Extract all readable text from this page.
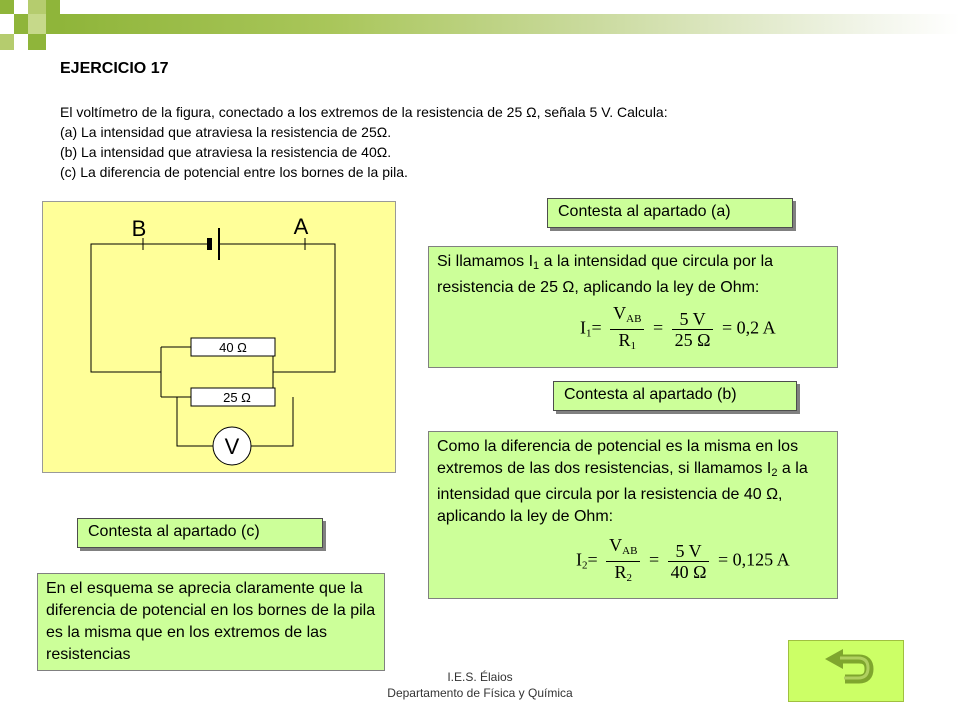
EJERCICIO 17
El voltímetro de la figura, conectado a los extremos de la resistencia de 25 Ω, señala 5 V. Calcula:
(a) La intensidad que atraviesa la resistencia de 25Ω.
(b) La intensidad que atraviesa la resistencia de 40Ω.
(c) La diferencia de potencial entre los bornes de la pila.
40 Ω
25 Ω
V
B	A
Contesta al apartado (a)
Si llamamos $I_1$ a la intensidad que circula por la resistencia de 25 Ω, aplicando la ley de Ohm:
$I_1= \frac{V_{AB}}{R_1} = \frac{5 V}{25 \Omega} = 0,2$ A
Contesta al apartado (b)
Como la diferencia de potencial es la misma en los extremos de las dos resistencias, si llamamos $I_2$ a la intensidad que circula por la resistencia de 40 Ω, aplicando la ley de Ohm:
$I_2= \frac{V_{AB}}{R_2} = \frac{5 V}{40 \Omega} = 0,125$ A
Contesta al apartado (c)
En el esquema se aprecia claramente que la diferencia de potencial en los bornes de la pila es la misma que en los extremos de las resistencias
I.E.S. Élaios
Departamento de Física y Química
